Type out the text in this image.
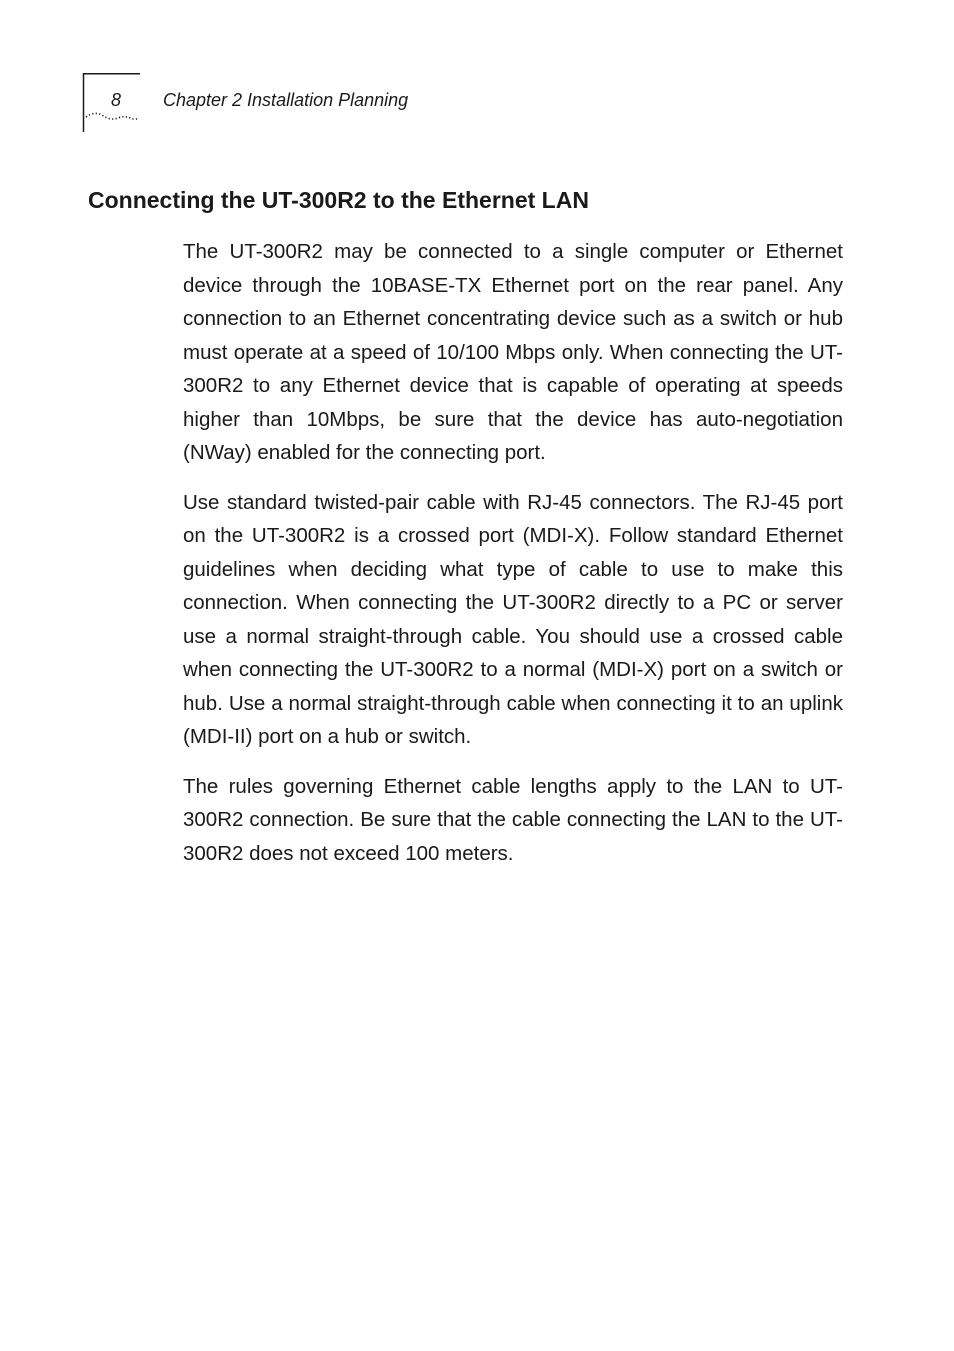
8 Chapter 2 Installation Planning
Connecting the UT-300R2 to the Ethernet LAN

The UT-300R2 may be connected to a single computer or Ethernet device through the 10BASE-TX Ethernet port on the rear panel. Any connection to an Ethernet concentrating device such as a switch or hub must operate at a speed of 10/100 Mbps only. When connecting the UT-300R2 to any Ethernet device that is capable of operating at speeds higher than 10Mbps, be sure that the device has auto-negotiation (NWay) enabled for the connecting port.

Use standard twisted-pair cable with RJ-45 connectors. The RJ-45 port on the UT-300R2 is a crossed port (MDI-X). Follow standard Ethernet guidelines when deciding what type of cable to use to make this connection. When connecting the UT-300R2 directly to a PC or server use a normal straight-through cable. You should use a crossed cable when connecting the UT-300R2 to a normal (MDI-X) port on a switch or hub. Use a normal straight-through cable when connecting it to an uplink (MDI-II) port on a hub or switch.

The rules governing Ethernet cable lengths apply to the LAN to UT-300R2 connection. Be sure that the cable connecting the LAN to the UT-300R2 does not exceed 100 meters.
